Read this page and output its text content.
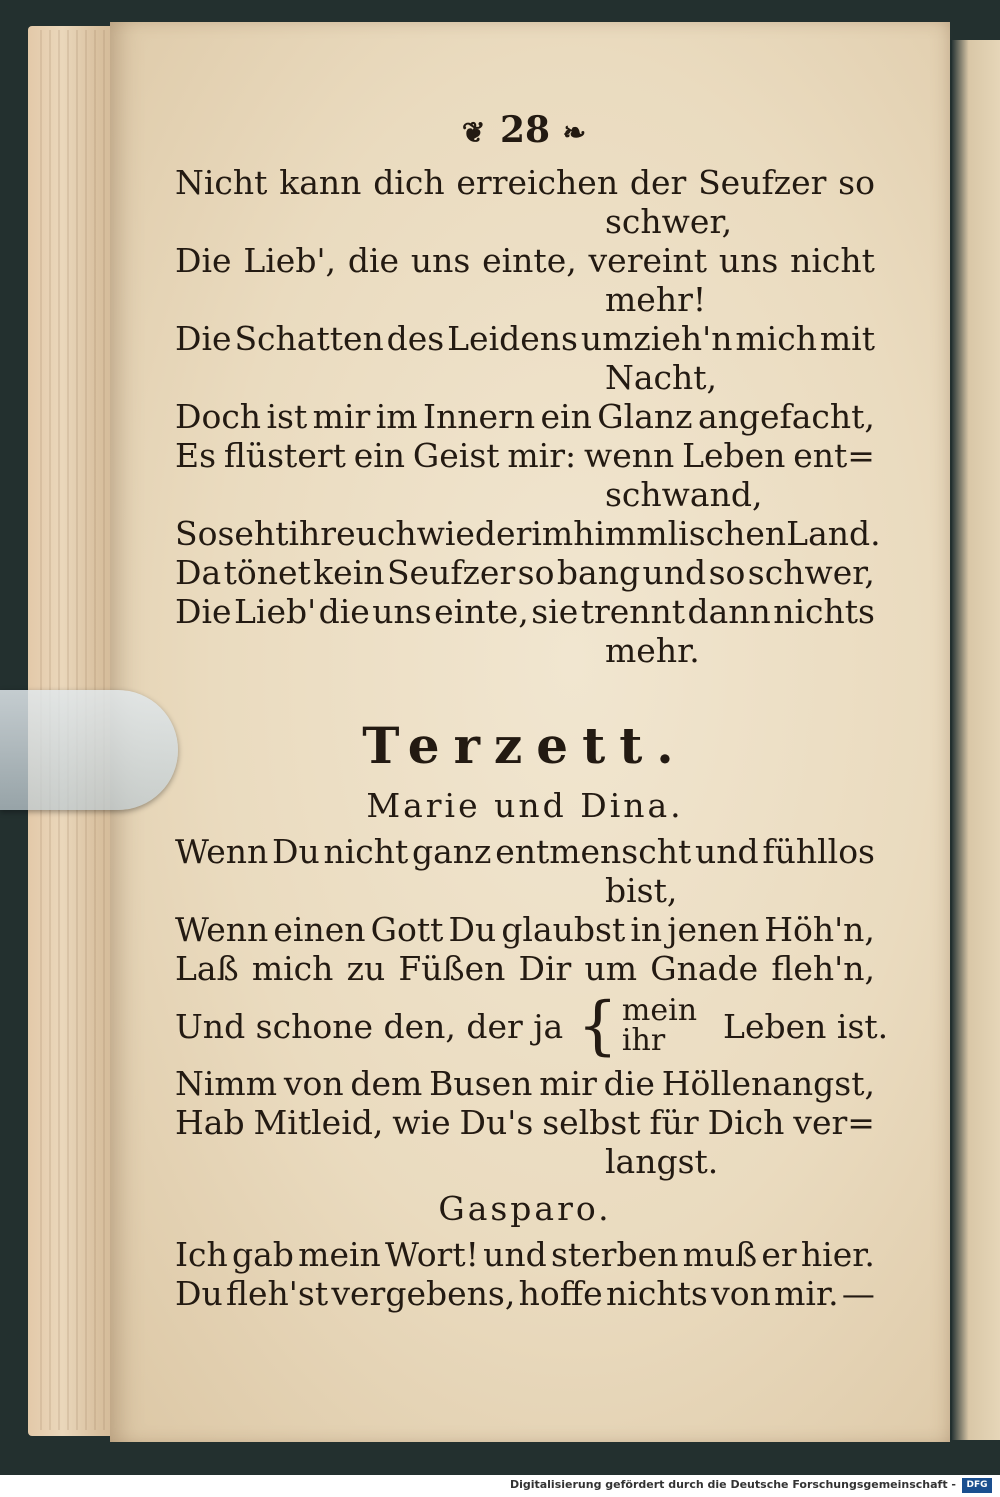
❦ 28 ❧
Nicht kann dich erreichen der Seufzer so
schwer,
Die Lieb', die uns einte, vereint uns nicht
mehr!
Die Schatten des Leidens umzieh'n mich mit
Nacht,
Doch ist mir im Innern ein Glanz angefacht,
Es flüstert ein Geist mir: wenn Leben ent=
schwand,
So seht ihr euch wieder im himmlischen Land.
Da tönet kein Seufzer so bang und so schwer,
Die Lieb' die uns einte, sie trennt dann nichts
mehr.
Terzett.
Marie und Dina.
Wenn Du nicht ganz entmenscht und fühllos
bist,
Wenn einen Gott Du glaubst in jenen Höh'n,
Laß mich zu Füßen Dir um Gnade fleh'n,
Und schone den, der ja { mein
ihr	Leben ist.
Nimm von dem Busen mir die Höllenangst,
Hab Mitleid, wie Du's selbst für Dich ver=
langst.
Gasparo.
Ich gab mein Wort! und sterben muß er hier.
Du fleh'st vergebens, hoffe nichts von mir. —
Digitalisierung gefördert durch die Deutsche Forschungsgemeinschaft -	DFG
